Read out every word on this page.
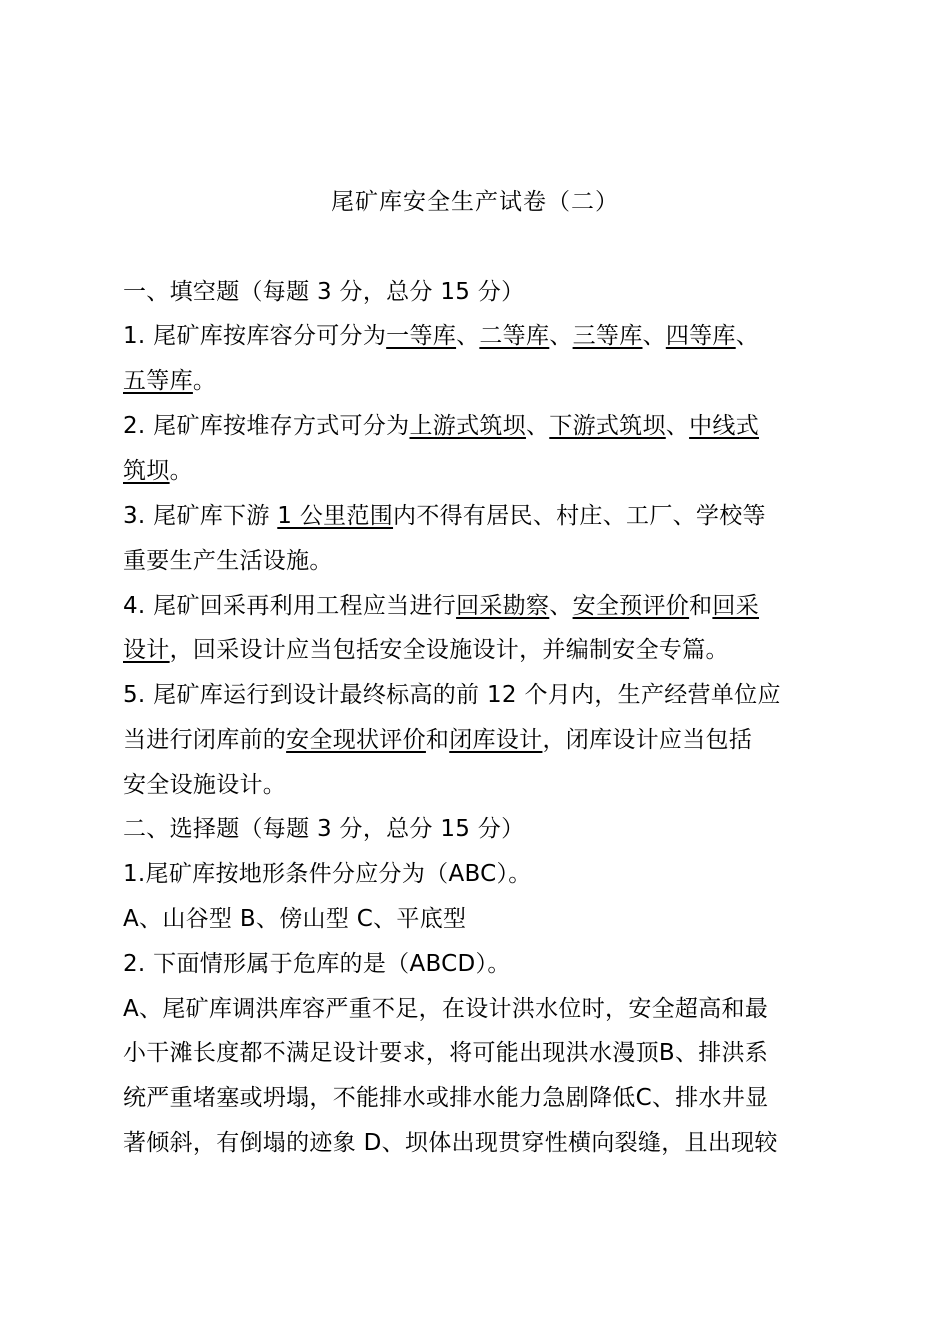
尾矿库安全生产试卷（二）
一、填空题（每题 3 分，总分 15 分）
1. 尾矿库按库容分可分为一等库、二等库、三等库、四等库、
五等库。
2. 尾矿库按堆存方式可分为上游式筑坝、下游式筑坝、中线式
筑坝。
3. 尾矿库下游 1 公里范围内不得有居民、村庄、工厂、学校等
重要生产生活设施。
4. 尾矿回采再利用工程应当进行回采勘察、安全预评价和回采
设计，回采设计应当包括安全设施设计，并编制安全专篇。
5. 尾矿库运行到设计最终标高的前 12 个月内，生产经营单位应
当进行闭库前的安全现状评价和闭库设计，闭库设计应当包括
安全设施设计。
二、选择题（每题 3 分，总分 15 分）
1.尾矿库按地形条件分应分为（ABC）。
A、山谷型 B、傍山型 C、平底型
2. 下面情形属于危库的是（ABCD）。
A、尾矿库调洪库容严重不足，在设计洪水位时，安全超高和最
小干滩长度都不满足设计要求，将可能出现洪水漫顶B、排洪系
统严重堵塞或坍塌，不能排水或排水能力急剧降低C、排水井显
著倾斜，有倒塌的迹象 D、坝体出现贯穿性横向裂缝，且出现较
